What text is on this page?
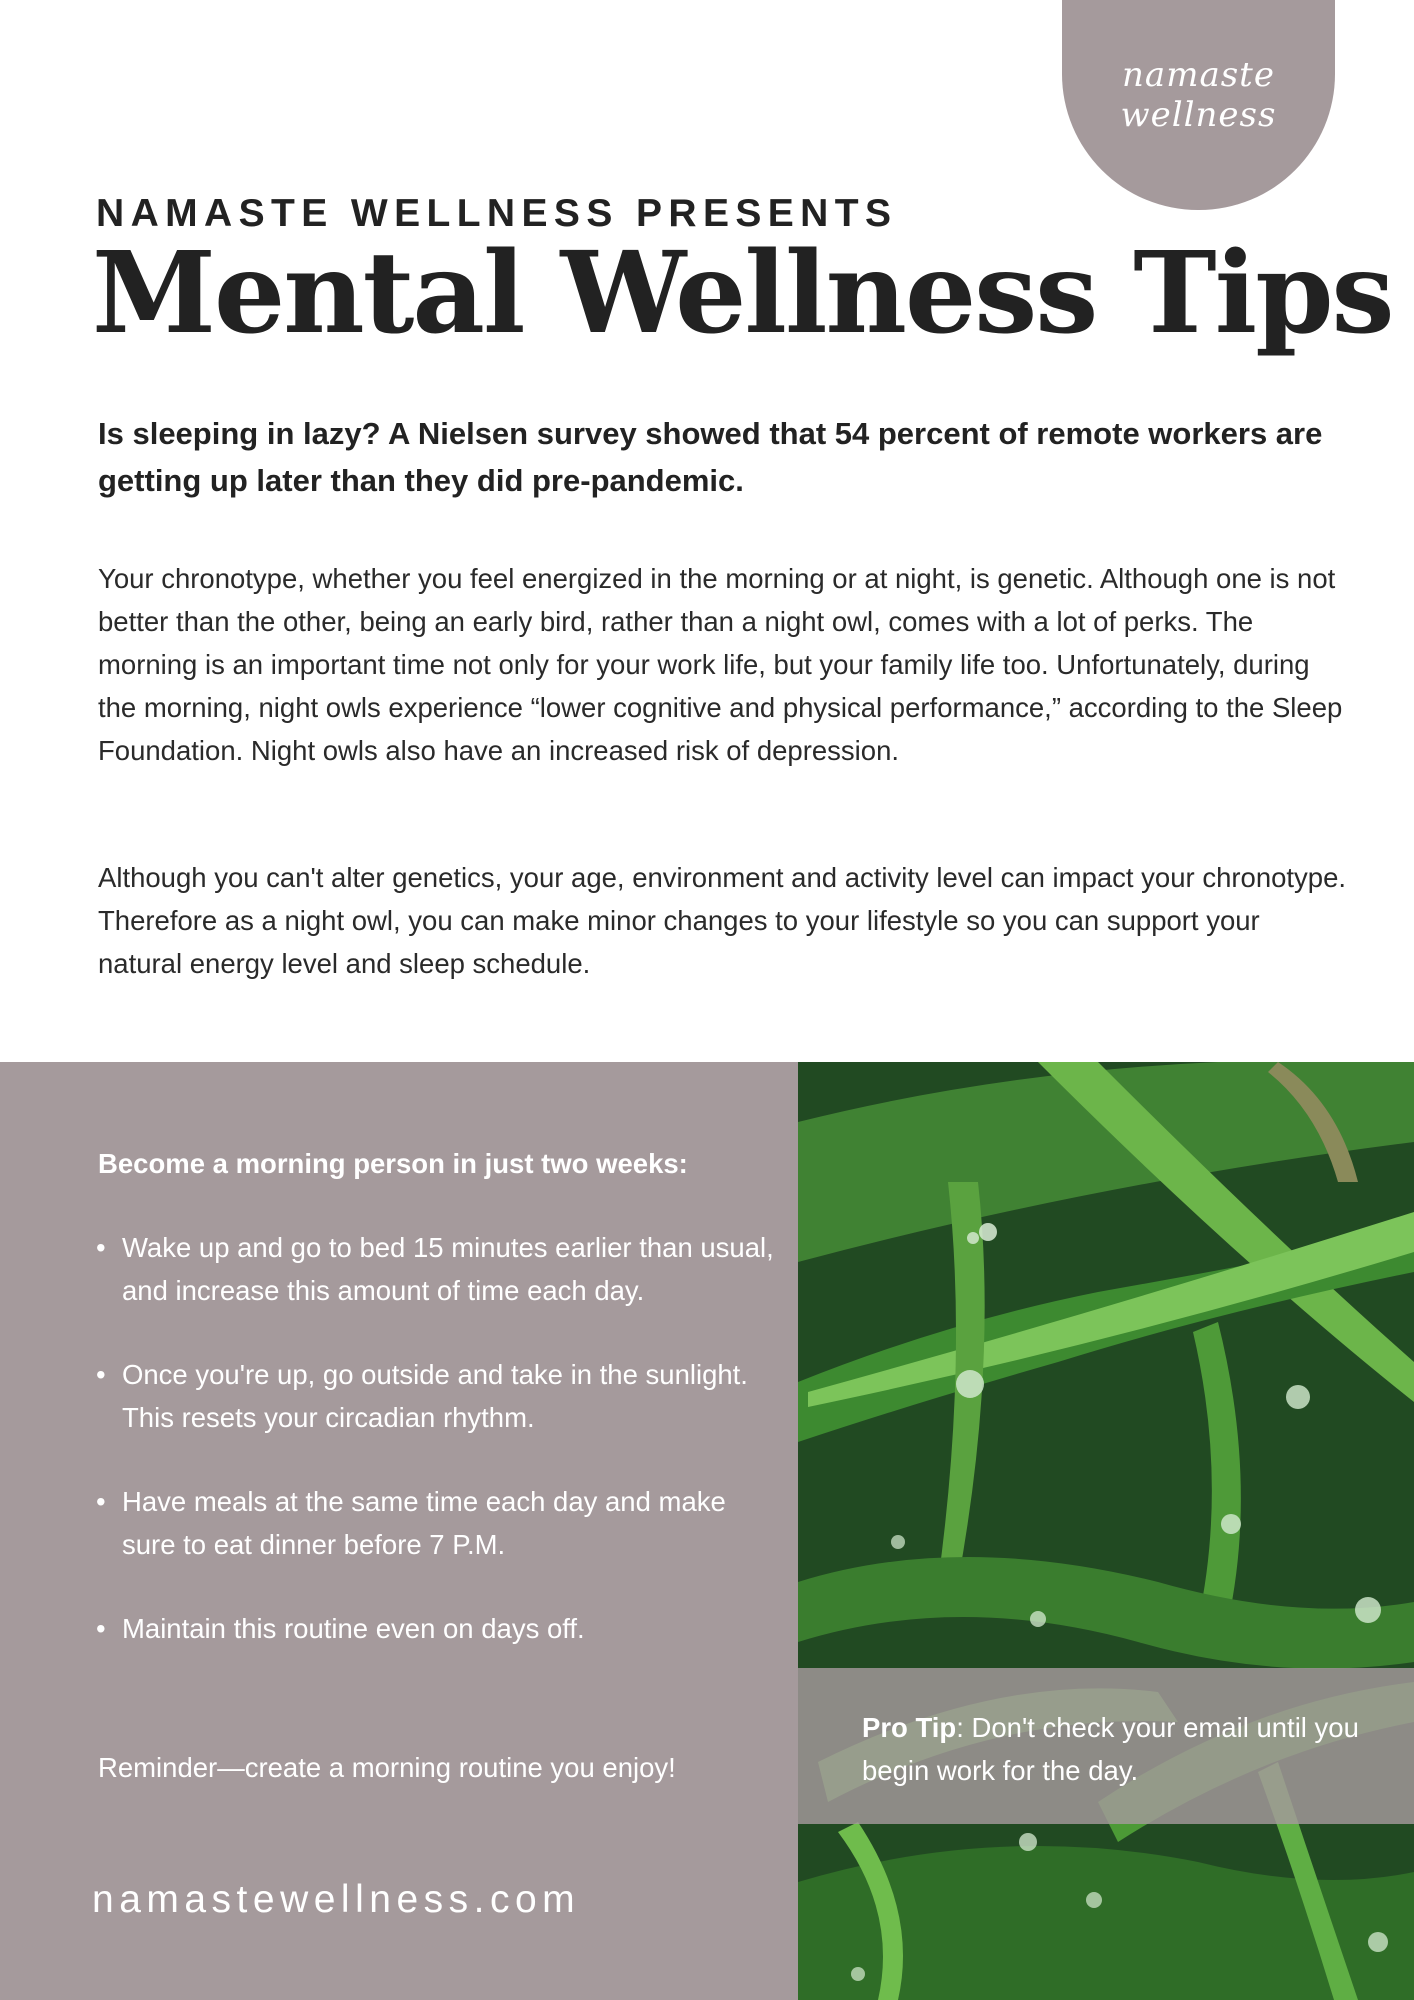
namaste
wellness
NAMASTE WELLNESS PRESENTS
Mental Wellness Tips
Is sleeping in lazy? A Nielsen survey showed that 54 percent of remote workers are getting up later than they did pre-pandemic.
Your chronotype, whether you feel energized in the morning or at night, is genetic. Although one is not better than the other, being an early bird, rather than a night owl, comes with a lot of perks. The morning is an important time not only for your work life, but your family life too. Unfortunately, during the morning, night owls experience “lower cognitive and physical performance,” according to the Sleep Foundation. Night owls also have an increased risk of depression.
Although you can't alter genetics, your age, environment and activity level can impact your chronotype. Therefore as a night owl, you can make minor changes to your lifestyle so you can support your natural energy level and sleep schedule.
Become a morning person in just two weeks:
• Wake up and go to bed 15 minutes earlier than usual, and increase this amount of time each day.
• Once you're up, go outside and take in the sunlight. This resets your circadian rhythm.
• Have meals at the same time each day and make sure to eat dinner before 7 P.M.
• Maintain this routine even on days off.
Reminder—create a morning routine you enjoy!
namastewellness.com
Pro Tip: Don't check your email until you begin work for the day.
